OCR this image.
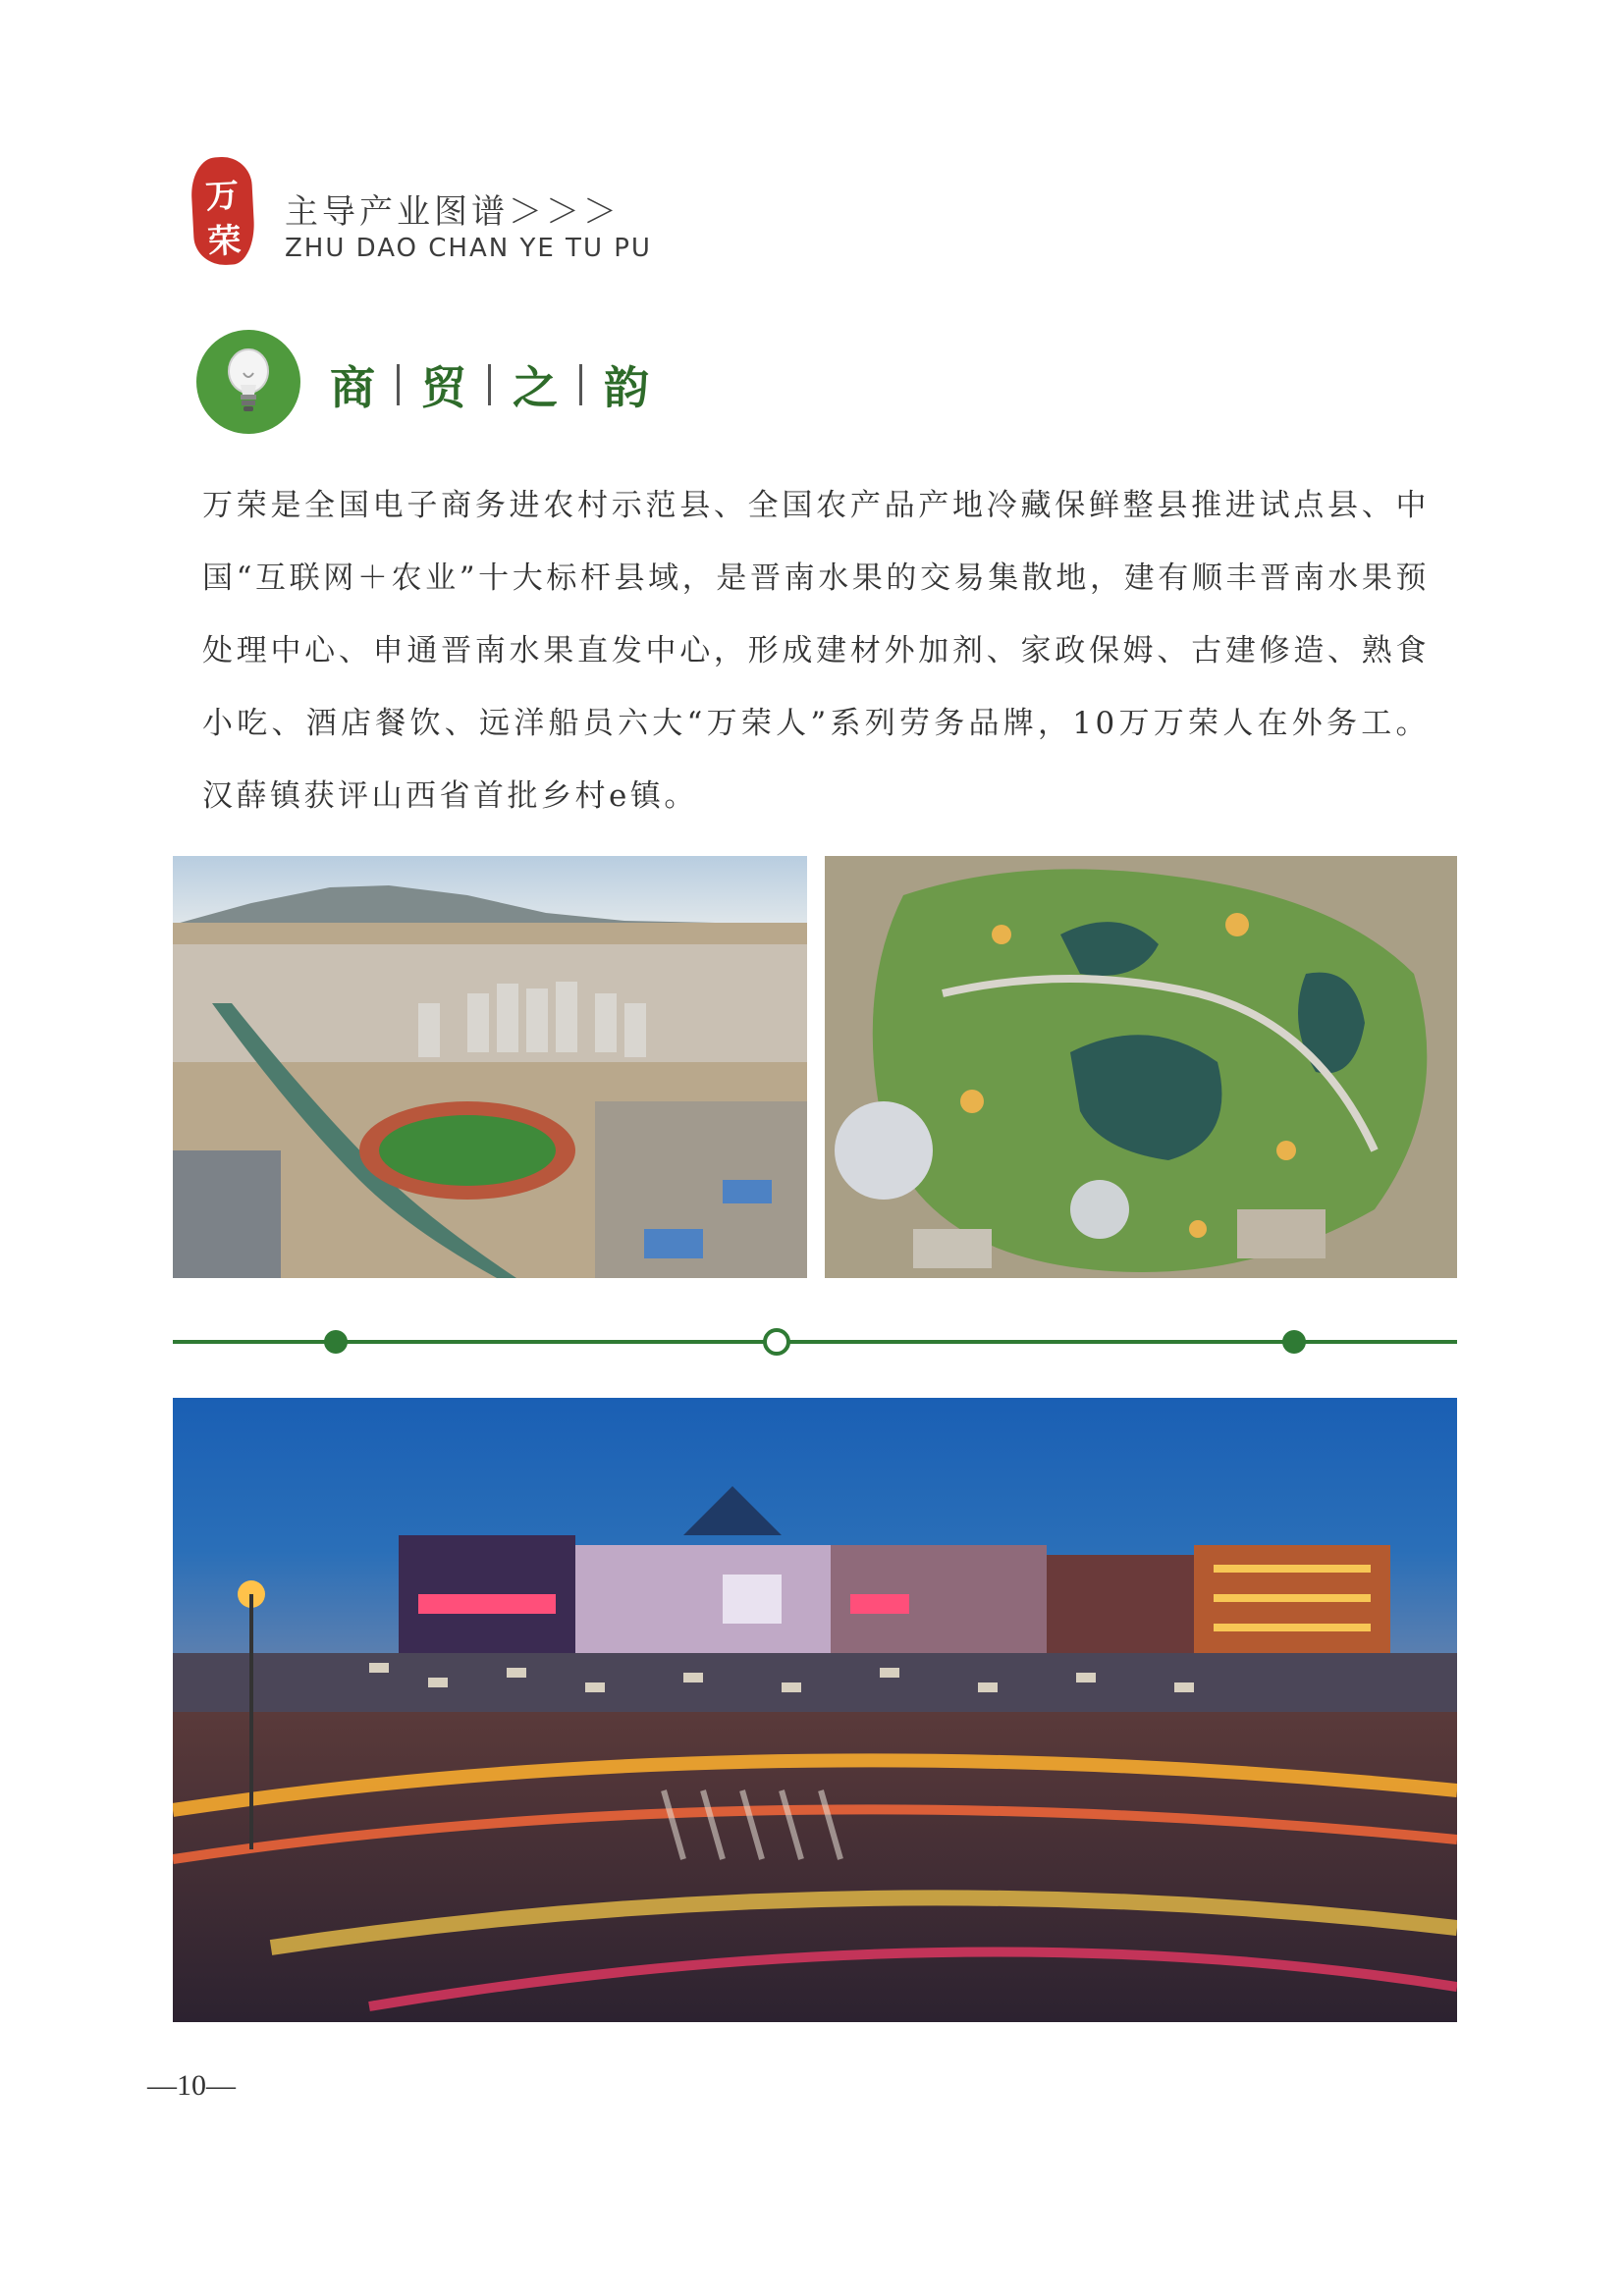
万
荣
主导产业图谱＞＞＞
ZHU DAO CHAN YE TU PU
商 贸 之 韵
万荣是全国电子商务进农村示范县、全国农产品产地冷藏保鲜整县推进试点县、中国“互联网＋农业”十大标杆县域，是晋南水果的交易集散地，建有顺丰晋南水果预处理中心、申通晋南水果直发中心，形成建材外加剂、家政保姆、古建修造、熟食小吃、酒店餐饮、远洋船员六大“万荣人”系列劳务品牌，10万万荣人在外务工。汉薛镇获评山西省首批乡村e镇。
—10—
